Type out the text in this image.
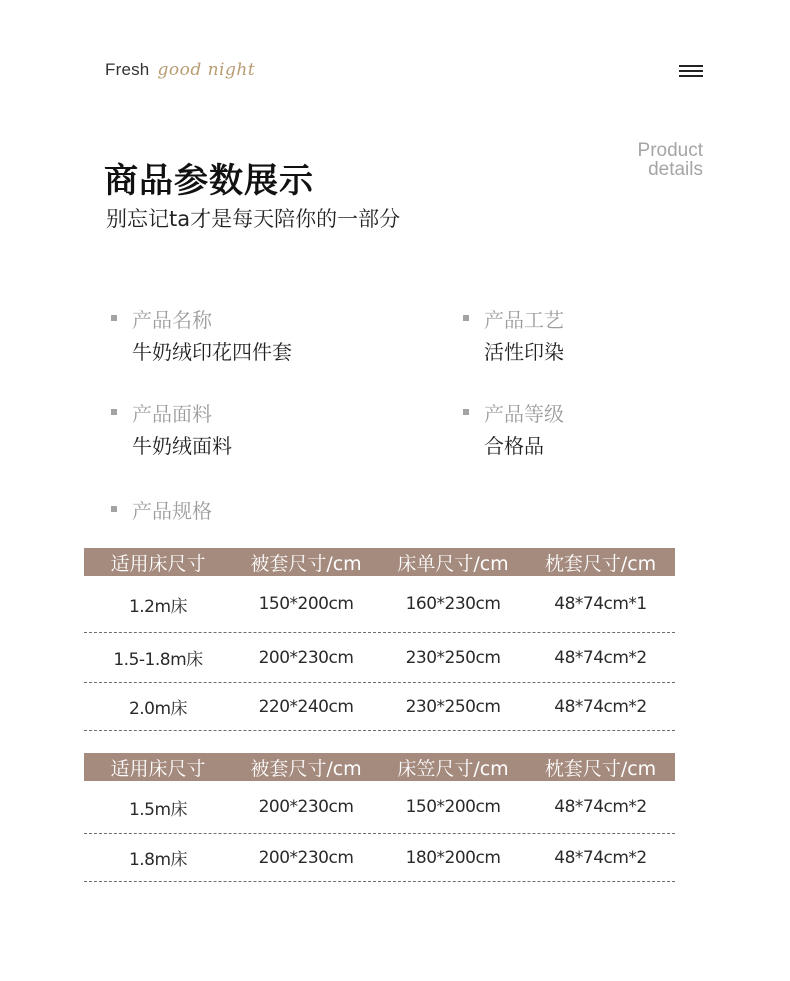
Fresh good night
商品参数展示
别忘记ta才是每天陪你的一部分
Product
details
产品名称
牛奶绒印花四件套
产品工艺
活性印染
产品面料
牛奶绒面料
产品等级
合格品
产品规格
适用床尺寸	被套尺寸/cm	床单尺寸/cm	枕套尺寸/cm
1.2m床	150*200cm	160*230cm	48*74cm*1
1.5-1.8m床	200*230cm	230*250cm	48*74cm*2
2.0m床	220*240cm	230*250cm	48*74cm*2
适用床尺寸	被套尺寸/cm	床笠尺寸/cm	枕套尺寸/cm
1.5m床	200*230cm	150*200cm	48*74cm*2
1.8m床	200*230cm	180*200cm	48*74cm*2
